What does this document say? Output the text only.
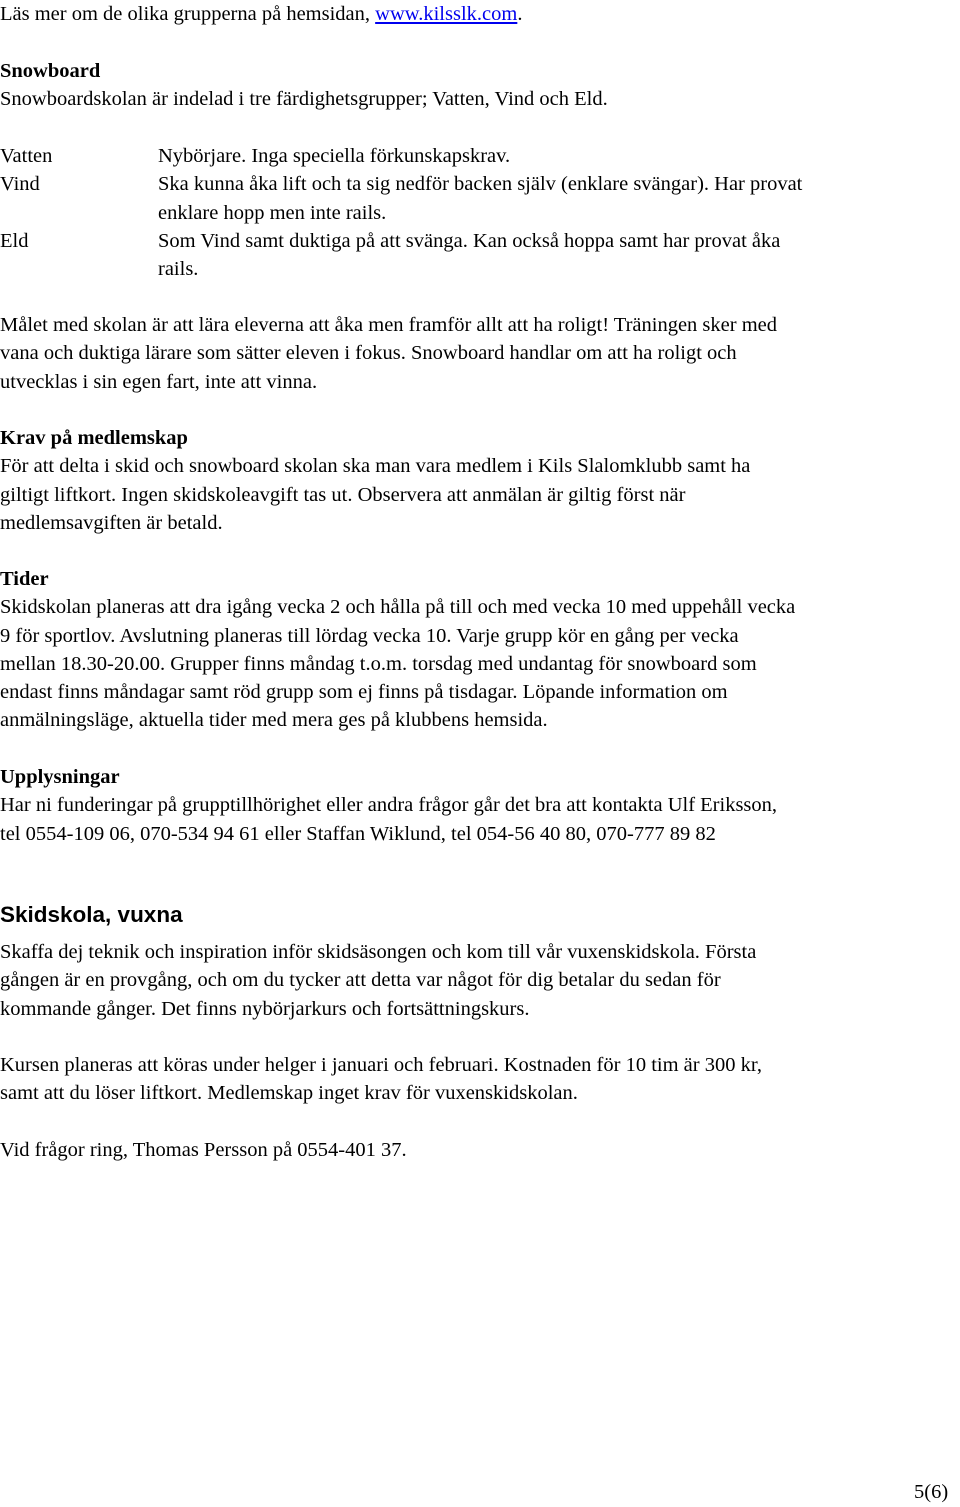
Läs mer om de olika grupperna på hemsidan, www.kilsslk.com.

Snowboard

Snowboardskolan är indelad i tre färdighetsgrupper; Vatten, Vind och Eld.

Vatten	Nybörjare. Inga speciella förkunskapskrav.
Vind	Ska kunna åka lift och ta sig nedför backen själv (enklare svängar). Har provat
enklare hopp men inte rails.
Eld	Som Vind samt duktiga på att svänga. Kan också hoppa samt har provat åka
rails.

Målet med skolan är att lära eleverna att åka men framför allt att ha roligt! Träningen sker med

vana och duktiga lärare som sätter eleven i fokus. Snowboard handlar om att ha roligt och

utvecklas i sin egen fart, inte att vinna.

Krav på medlemskap

För att delta i skid och snowboard skolan ska man vara medlem i Kils Slalomklubb samt ha

giltigt liftkort. Ingen skidskoleavgift tas ut. Observera att anmälan är giltig först när

medlemsavgiften är betald.

Tider

Skidskolan planeras att dra igång vecka 2 och hålla på till och med vecka 10 med uppehåll vecka

9 för sportlov. Avslutning planeras till lördag vecka 10. Varje grupp kör en gång per vecka

mellan 18.30-20.00. Grupper finns måndag t.o.m. torsdag med undantag för snowboard som

endast finns måndagar samt röd grupp som ej finns på tisdagar. Löpande information om

anmälningsläge, aktuella tider med mera ges på klubbens hemsida.

Upplysningar

Har ni funderingar på grupptillhörighet eller andra frågor går det bra att kontakta Ulf Eriksson,

tel 0554-109 06, 070-534 94 61 eller Staffan Wiklund, tel 054-56 40 80, 070-777 89 82

Skidskola, vuxna

Skaffa dej teknik och inspiration inför skidsäsongen och kom till vår vuxenskidskola. Första

gången är en provgång, och om du tycker att detta var något för dig betalar du sedan för

kommande gånger. Det finns nybörjarkurs och fortsättningskurs.

Kursen planeras att köras under helger i januari och februari. Kostnaden för 10 tim är 300 kr,

samt att du löser liftkort. Medlemskap inget krav för vuxenskidskolan.

Vid frågor ring, Thomas Persson på 0554-401 37.

5(6)
